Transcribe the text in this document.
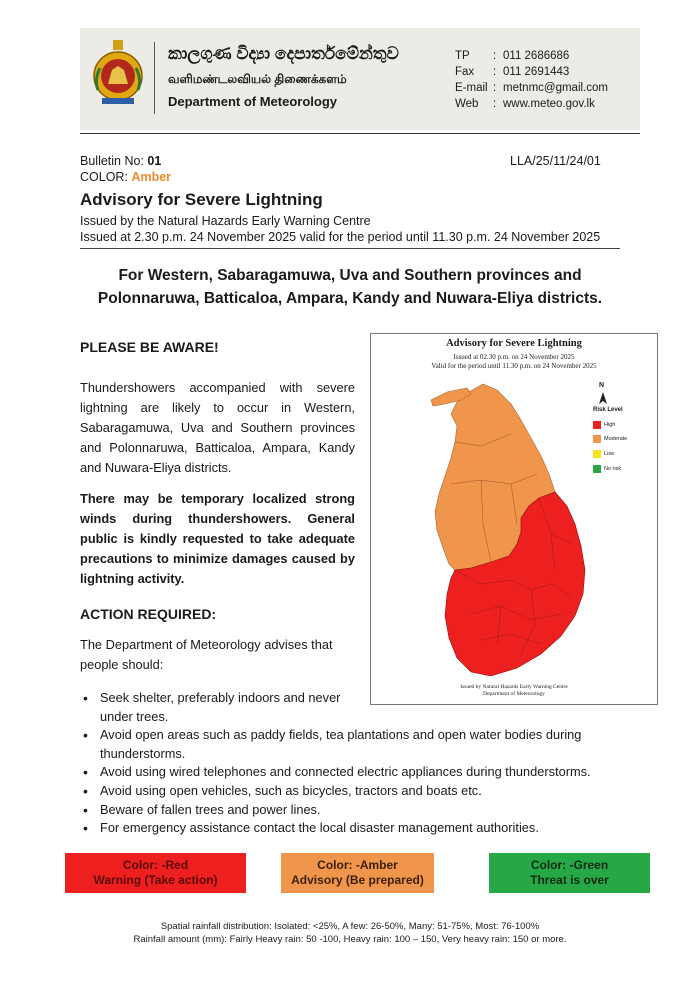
කාලගුණ විද්‍යා දෙපාර්තමේන්තුව
வளிமண்டலவியல் திணைக்களம்
Department of Meteorology
TP	: 011 2686686
Fax	: 011 2691443
E-mail : metnmc@gmail.com
Web	: www.meteo.gov.lk
Bulletin No: 01
COLOR: Amber
LLA/25/11/24/01
Advisory for Severe Lightning
Issued by the Natural Hazards Early Warning Centre
Issued at 2.30 p.m. 24 November 2025 valid for the period until 11.30 p.m. 24 November 2025
For Western, Sabaragamuwa, Uva and Southern provinces and
Polonnaruwa, Batticaloa, Ampara, Kandy and Nuwara-Eliya districts.
PLEASE BE AWARE!
Thundershowers accompanied with severe lightning are likely to occur in Western, Sabaragamuwa, Uva and Southern provinces and Polonnaruwa, Batticaloa, Ampara, Kandy and Nuwara-Eliya districts.
There may be temporary localized strong winds during thundershowers. General public is kindly requested to take adequate precautions to minimize damages caused by lightning activity.
ACTION REQUIRED:
The Department of Meteorology advises that people should:
Advisory for Severe Lightning
Issued at 02.30 p.m. on 24 November 2025
Valid for the period until 11.30 p.m. on 24 November 2025
N
Risk Level
High
Moderate
Low
No risk
Issued by Natural Hazards Early Warning Centre
Department of Meteorology
• Seek shelter, preferably indoors and never under trees.
• Avoid open areas such as paddy fields, tea plantations and open water bodies during thunderstorms.
• Avoid using wired telephones and connected electric appliances during thunderstorms.
• Avoid using open vehicles, such as bicycles, tractors and boats etc.
• Beware of fallen trees and power lines.
• For emergency assistance contact the local disaster management authorities.
Color: -Red
Warning (Take action)
Color: -Amber
Advisory (Be prepared)
Color: -Green
Threat is over
Spatial rainfall distribution: Isolated: <25%, A few: 26-50%, Many: 51-75%, Most: 76-100%
Rainfall amount (mm): Fairly Heavy rain: 50 -100, Heavy rain: 100 – 150, Very heavy rain: 150 or more.
